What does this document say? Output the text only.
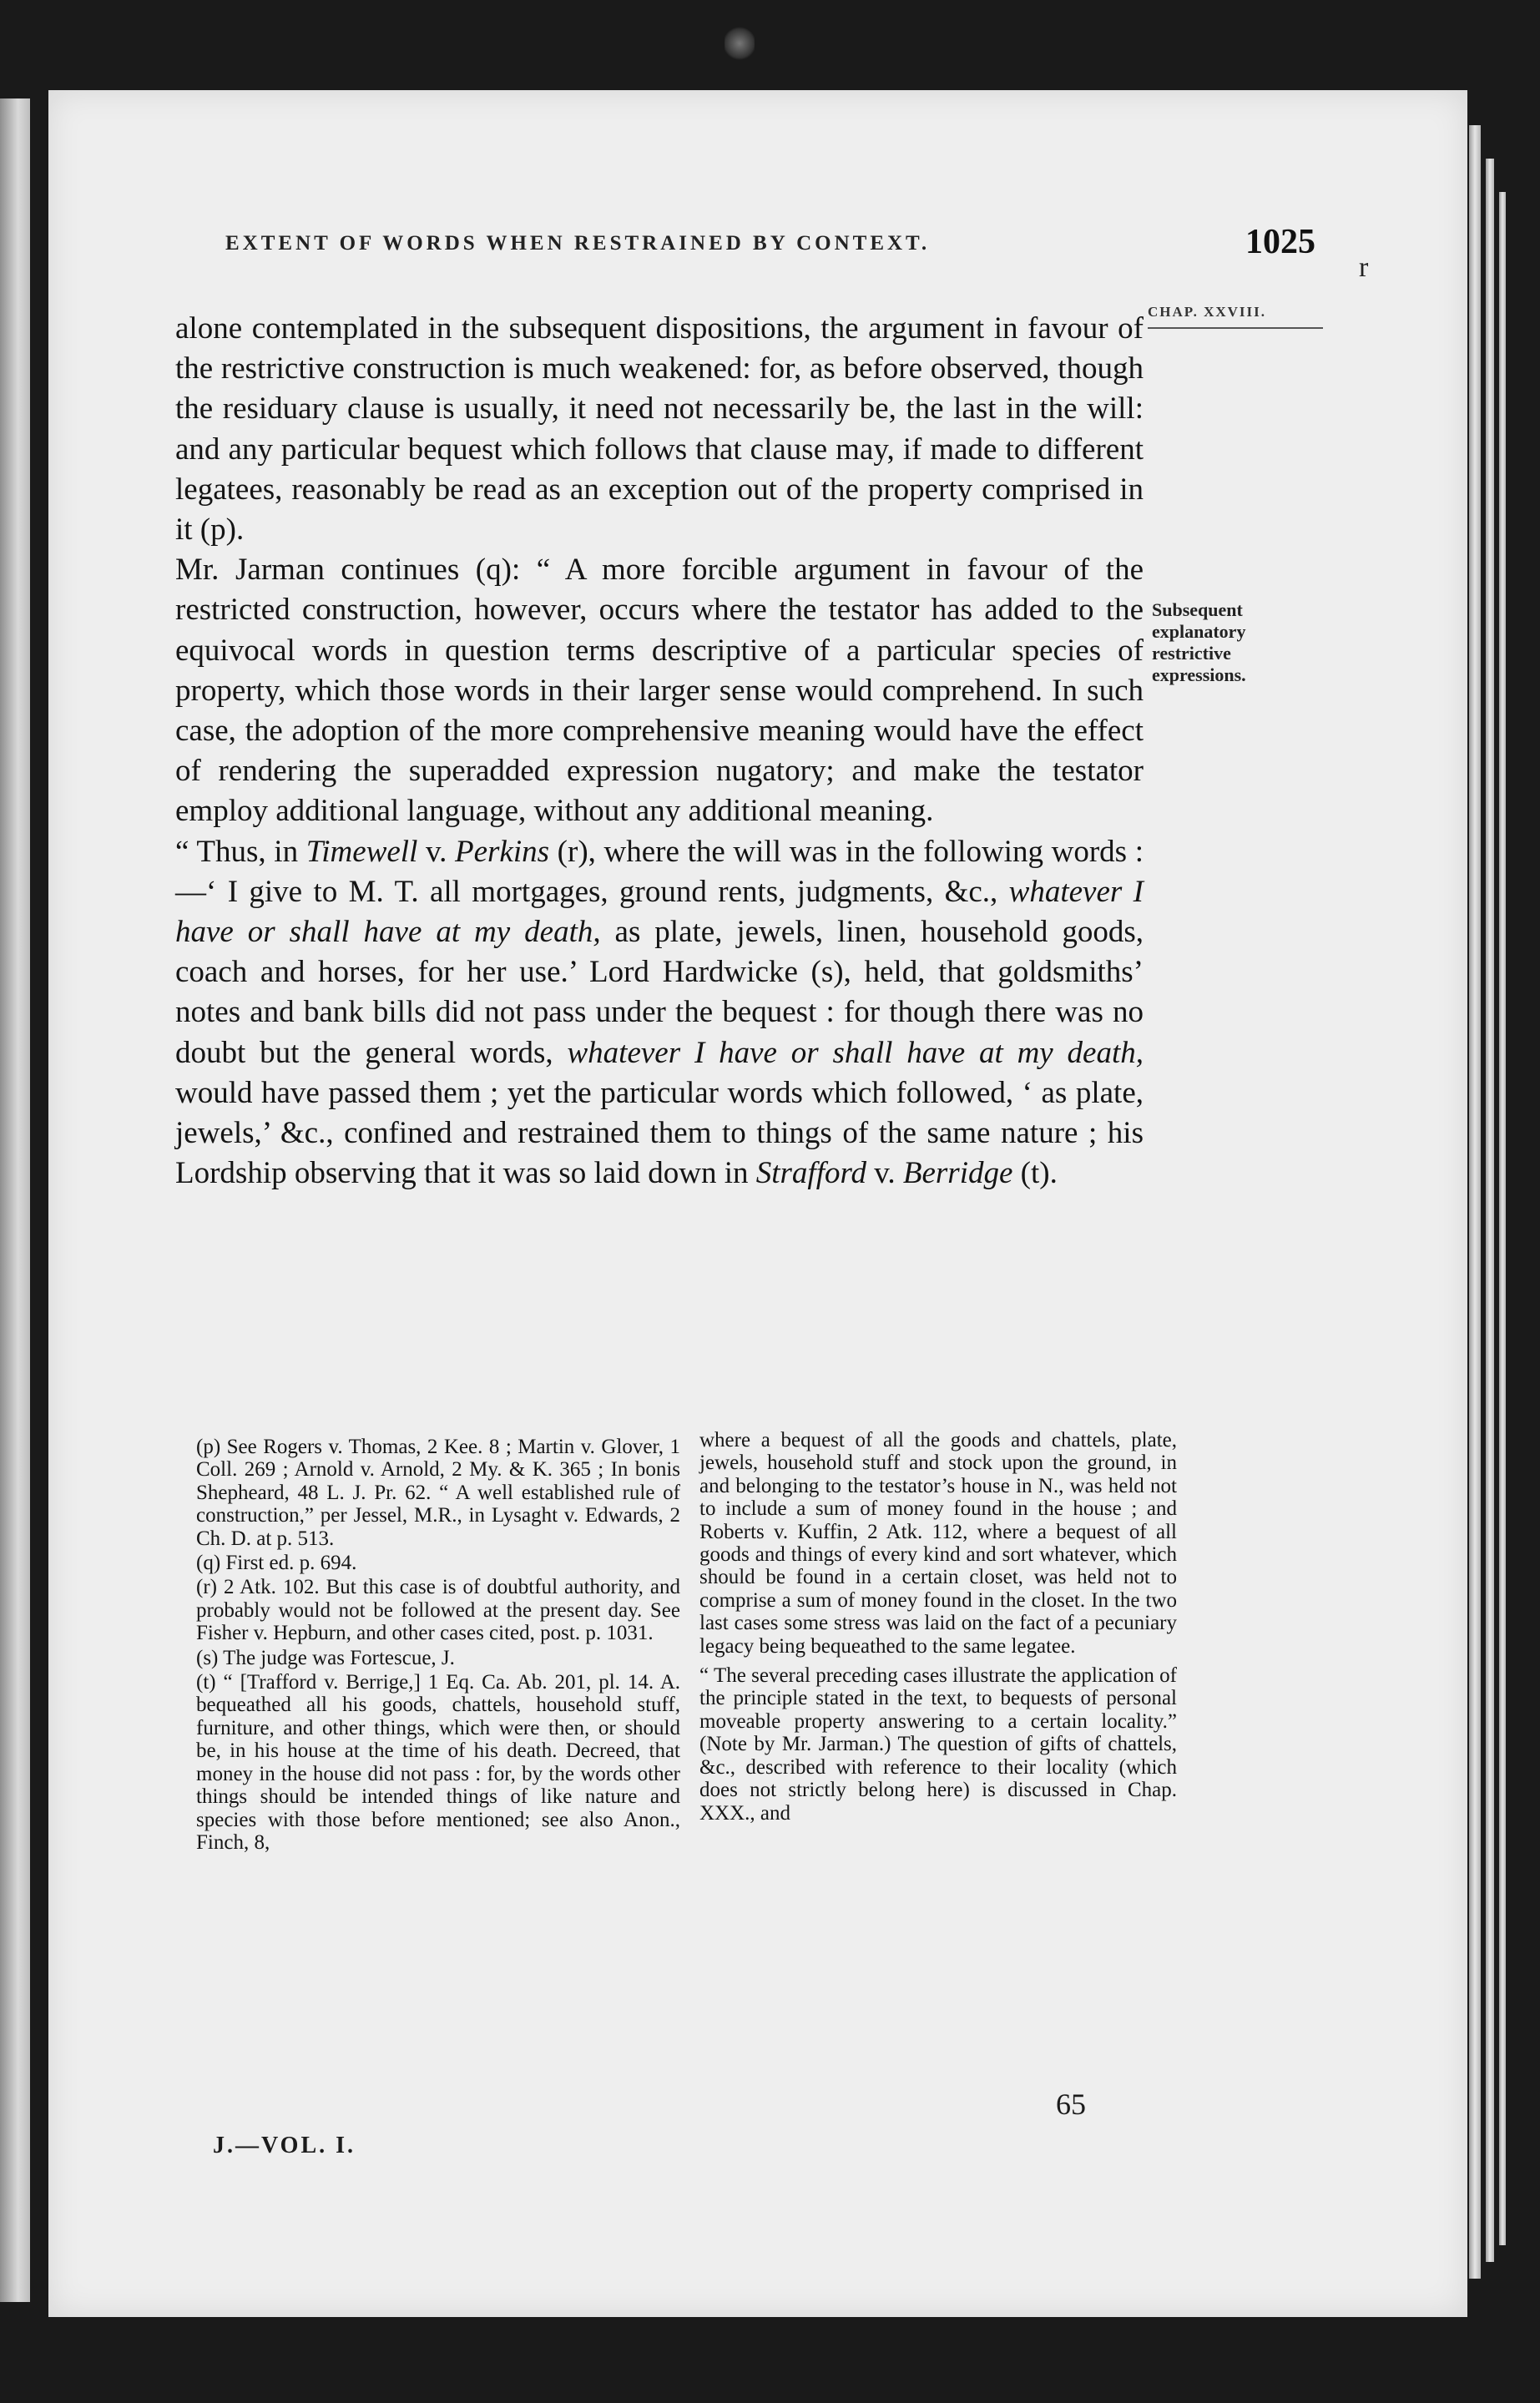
EXTENT OF WORDS WHEN RESTRAINED BY CONTEXT.	1025
r
CHAP. XXVIII.
Subsequent explanatory restrictive expressions.

alone contemplated in the subsequent dispositions, the argument in favour of the restrictive construction is much weakened: for, as before observed, though the residuary clause is usually, it need not necessarily be, the last in the will: and any particular bequest which follows that clause may, if made to different legatees, reasonably be read as an exception out of the property comprised in it (p).

Mr. Jarman continues (q): “ A more forcible argument in favour of the restricted construction, however, occurs where the testator has added to the equivocal words in question terms descriptive of a particular species of property, which those words in their larger sense would comprehend. In such case, the adoption of the more comprehensive meaning would have the effect of rendering the superadded expression nugatory; and make the testator employ additional language, without any additional meaning.

“ Thus, in Timewell v. Perkins (r), where the will was in the following words :—‘ I give to M. T. all mortgages, ground rents, judgments, &c., whatever I have or shall have at my death, as plate, jewels, linen, household goods, coach and horses, for her use.’ Lord Hardwicke (s), held, that goldsmiths’ notes and bank bills did not pass under the bequest : for though there was no doubt but the general words, whatever I have or shall have at my death, would have passed them ; yet the particular words which followed, ‘ as plate, jewels,’ &c., confined and restrained them to things of the same nature ; his Lordship observing that it was so laid down in Strafford v. Berridge (t).

(p) See Rogers v. Thomas, 2 Kee. 8 ; Martin v. Glover, 1 Coll. 269 ; Arnold v. Arnold, 2 My. & K. 365 ; In bonis Shepheard, 48 L. J. Pr. 62. “ A well established rule of construction,” per Jessel, M.R., in Lysaght v. Edwards, 2 Ch. D. at p. 513.

(q) First ed. p. 694.

(r) 2 Atk. 102. But this case is of doubtful authority, and probably would not be followed at the present day. See Fisher v. Hepburn, and other cases cited, post. p. 1031.

(s) The judge was Fortescue, J.

(t) “ [Trafford v. Berrige,] 1 Eq. Ca. Ab. 201, pl. 14. A. bequeathed all his goods, chattels, household stuff, furniture, and other things, which were then, or should be, in his house at the time of his death. Decreed, that money in the house did not pass : for, by the words other things should be intended things of like nature and species with those before mentioned; see also Anon., Finch, 8,

where a bequest of all the goods and chattels, plate, jewels, household stuff and stock upon the ground, in and belonging to the testator’s house in N., was held not to include a sum of money found in the house ; and Roberts v. Kuffin, 2 Atk. 112, where a bequest of all goods and things of every kind and sort whatever, which should be found in a certain closet, was held not to comprise a sum of money found in the closet. In the two last cases some stress was laid on the fact of a pecuniary legacy being bequeathed to the same legatee.

“ The several preceding cases illustrate the application of the principle stated in the text, to bequests of personal moveable property answering to a certain locality.” (Note by Mr. Jarman.) The question of gifts of chattels, &c., described with reference to their locality (which does not strictly belong here) is discussed in Chap. XXX., and

65
J.—VOL. I.
